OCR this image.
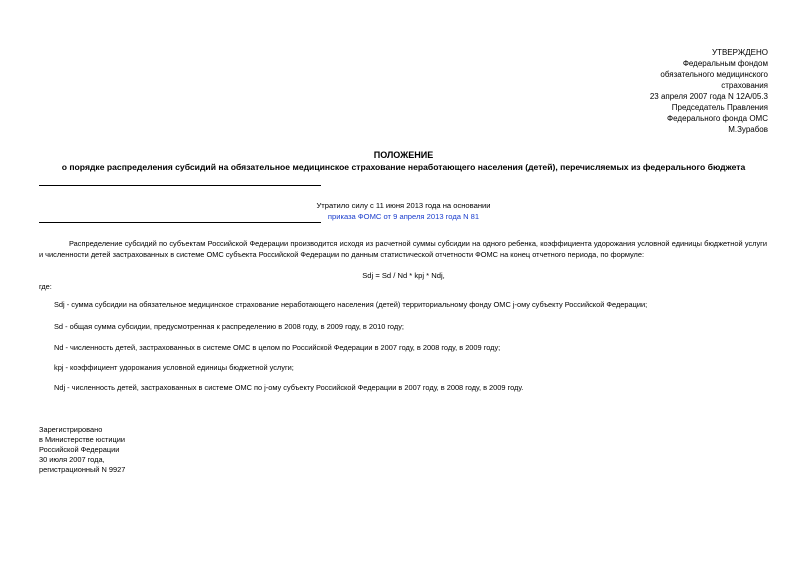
УТВЕРЖДЕНО
Федеральным фондом
обязательного медицинского
страхования
23 апреля 2007 года N 12А/05.3
Председатель Правления
Федерального фонда ОМС
М.Зурабов
ПОЛОЖЕНИЕ
о порядке распределения субсидий на обязательное медицинское страхование неработающего населения (детей), перечисляемых из федерального бюджета
Утратило силу с 11 июня 2013 года на основании
приказа ФОМС от 9 апреля 2013 года N 81
Распределение субсидий по субъектам Российской Федерации производится исходя из расчетной суммы субсидии на одного ребенка, коэффициента удорожания условной единицы бюджетной услуги и численности детей застрахованных в системе ОМС субъекта Российской Федерации по данным статистической отчетности ФОМС на конец отчетного периода, по формуле:
Sdj = Sd / Nd * kpj * Ndj,
где:
Sdj - сумма субсидии на обязательное медицинское страхование неработающего населения (детей) территориальному фонду ОМС j-ому субъекту Российской Федерации;
Sd - общая сумма субсидии, предусмотренная к распределению в 2008 году, в 2009 году, в 2010 году;
Nd - численность детей, застрахованных в системе ОМС в целом по Российской Федерации в 2007 году, в 2008 году, в 2009 году;
kpj - коэффициент удорожания условной единицы бюджетной услуги;
Ndj - численность детей, застрахованных в системе ОМС по j-ому субъекту Российской Федерации в 2007 году, в 2008 году, в 2009 году.
Зарегистрировано
в Министерстве юстиции
Российской Федерации
30 июля 2007 года,
регистрационный N 9927
